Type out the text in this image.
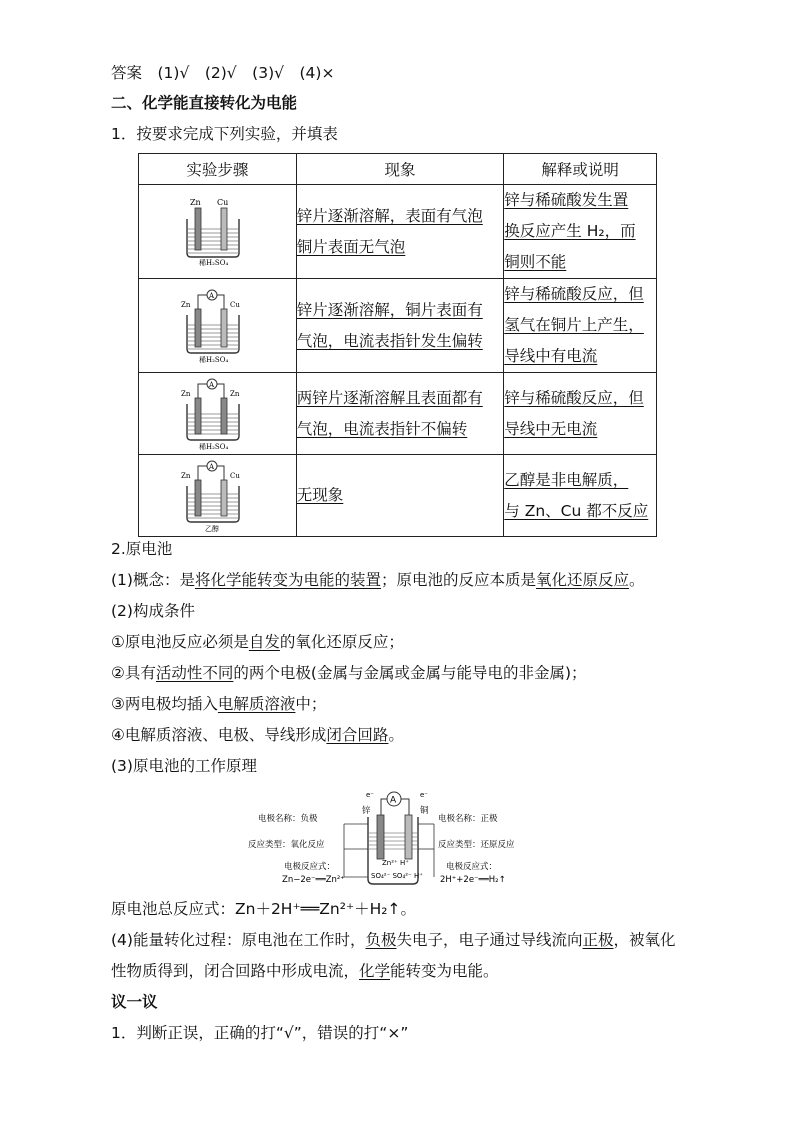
答案　(1)√　(2)√　(3)√　(4)×
二、化学能直接转化为电能
1．按要求完成下列实验，并填表
实验步骤	现象	解释或说明

Zn Cu
稀H₂SO₄	锌片逐渐溶解，表面有气泡
铜片表面无气泡	锌与稀硫酸发生置
换反应产生 H₂，而
铜则不能

A
Zn Cu
稀H₂SO₄	锌片逐渐溶解，铜片表面有
气泡，电流表指针发生偏转	锌与稀硫酸反应，但
氢气在铜片上产生，
导线中有电流

A
Zn Zn
稀H₂SO₄	两锌片逐渐溶解且表面都有
气泡，电流表指针不偏转	锌与稀硫酸反应，但
导线中无电流

A
Zn Cu
乙醇	无现象	乙醇是非电解质，
与 Zn、Cu 都不反应
2.原电池
(1)概念：是将化学能转变为电能的装置；原电池的反应本质是氧化还原反应。
(2)构成条件
①原电池反应必须是自发的氧化还原反应；
②具有活动性不同的两个电极(金属与金属或金属与能导电的非金属)；
③两电极均插入电解质溶液中；
④电解质溶液、电极、导线形成闭合回路。
(3)原电池的工作原理
电极名称：负极
反应类型：氧化反应
电极反应式：
Zn−2e⁻══Zn²⁺
电极名称：正极
反应类型：还原反应
电极反应式：
2H⁺+2e⁻══H₂↑
e⁻	e⁻
A
锌	铜
Zn²⁺ H⁺
SO₄²⁻ SO₄²⁻ H⁺
原电池总反应式：Zn＋2H⁺══Zn²⁺＋H₂↑。
(4)能量转化过程：原电池在工作时，负极失电子，电子通过导线流向正极，被氧化
性物质得到，闭合回路中形成电流，化学能转变为电能。
议一议
1．判断正误，正确的打“√”，错误的打“×”
